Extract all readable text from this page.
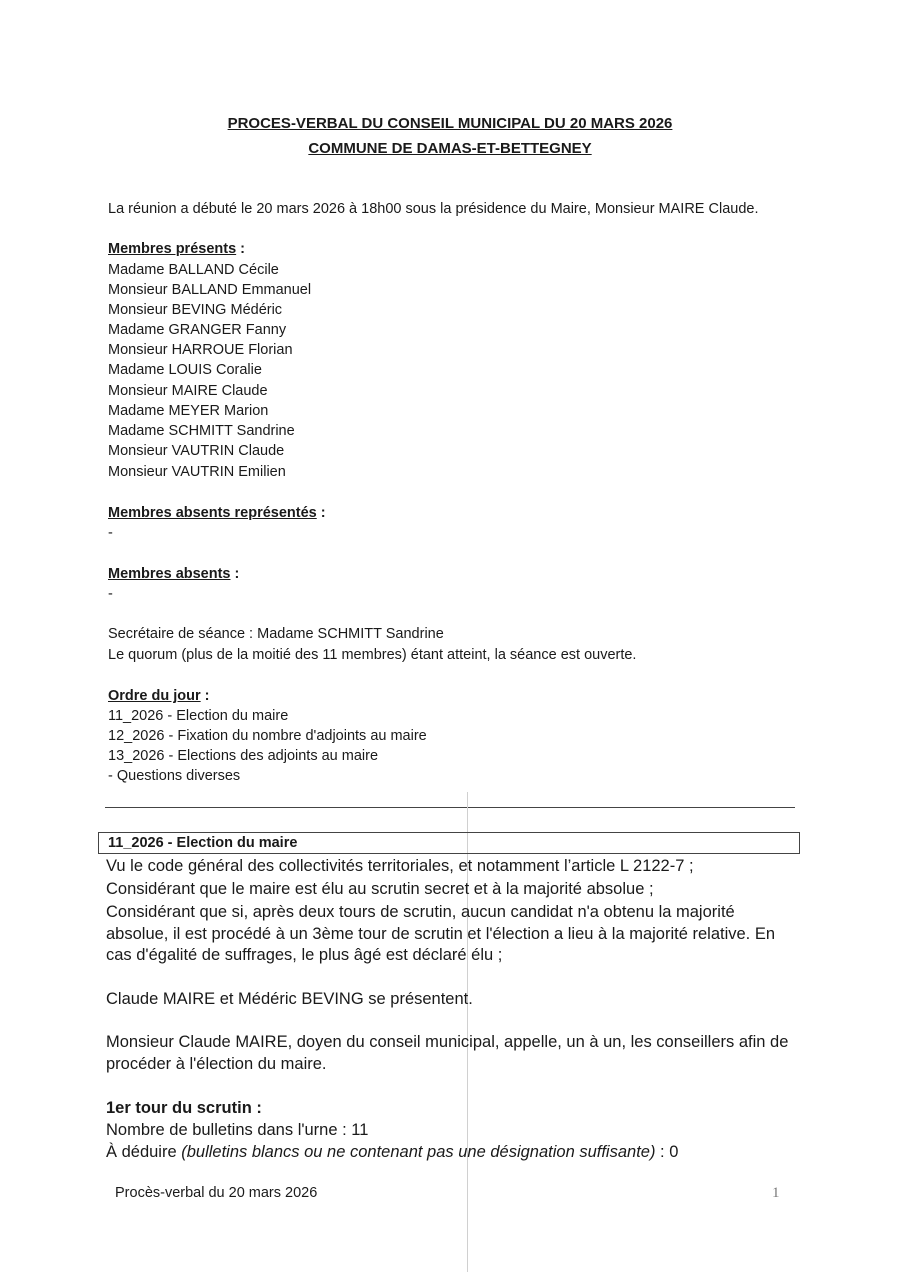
PROCES-VERBAL DU CONSEIL MUNICIPAL DU 20 MARS 2026
COMMUNE DE DAMAS-ET-BETTEGNEY
La réunion a débuté le 20 mars 2026 à 18h00 sous la présidence du Maire, Monsieur MAIRE Claude.
Membres présents :
Madame BALLAND Cécile
Monsieur BALLAND Emmanuel
Monsieur BEVING Médéric
Madame GRANGER Fanny
Monsieur HARROUE Florian
Madame LOUIS Coralie
Monsieur MAIRE Claude
Madame MEYER Marion
Madame SCHMITT Sandrine
Monsieur VAUTRIN Claude
Monsieur VAUTRIN Emilien
Membres absents représentés :
-
Membres absents :
-
Secrétaire de séance : Madame SCHMITT Sandrine
Le quorum (plus de la moitié des 11 membres) étant atteint, la séance est ouverte.
Ordre du jour :
11_2026 - Election du maire
12_2026 - Fixation du nombre d'adjoints au maire
13_2026 - Elections des adjoints au maire
- Questions diverses
11_2026 - Election du maire
Vu le code général des collectivités territoriales, et notamment l’article L 2122-7 ;
Considérant que le maire est élu au scrutin secret et à la majorité absolue ;
Considérant que si, après deux tours de scrutin, aucun candidat n'a obtenu la majorité
absolue, il est procédé à un 3ème tour de scrutin et l'élection a lieu à la majorité relative. En
cas d'égalité de suffrages, le plus âgé est déclaré élu ;
Claude MAIRE et Médéric BEVING se présentent.
Monsieur Claude MAIRE, doyen du conseil municipal, appelle, un à un, les conseillers afin de
procéder à l'élection du maire.
1er tour du scrutin :
Nombre de bulletins dans l'urne : 11
À déduire (bulletins blancs ou ne contenant pas une désignation suffisante) : 0
Procès-verbal du 20 mars 2026	1
